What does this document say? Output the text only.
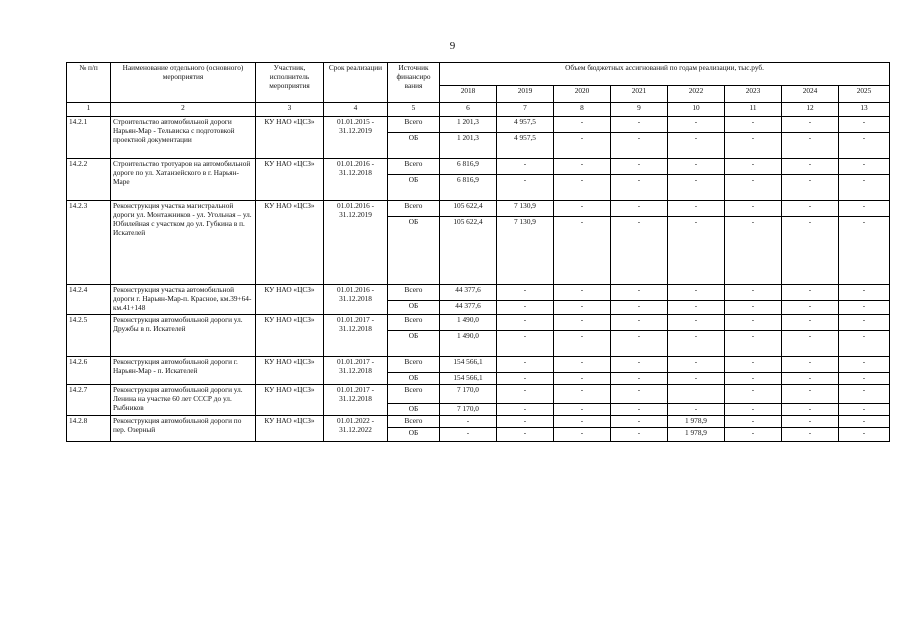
9
№ п/п	Наименование отдельного (основного) мероприятия	Участник, исполнитель мероприятия	Срок реализации	Источник финансиро вания	Объем бюджетных ассигнований по годам реализации, тыс.руб.							
					2018	2019	2020	2021	2022	2023	2024	2025
1	2	3	4	5	6	7	8	9	10	11	12	13
14.2.1	Строительство автомобильной дороги Нарьян-Мар - Тельвиска с подготовкой проектной документации	КУ НАО «ЦСЗ»	01.01.2015 - 31.12.2019	Всего	1 201,3	4 957,5	-	-	-	-	-	-
				ОБ	1 201,3	4 957,5	-	-	-	-	-	-
14.2.2	Строительство тротуаров на автомобильной дороге по ул. Хатанзейского в г. Нарьян-Маре	КУ НАО «ЦСЗ»	01.01.2016 - 31.12.2018	Всего	6 816,9	-	-	-	-	-	-	-
				ОБ	6 816,9	-	-	-	-	-	-	-
14.2.3	Реконструкция участка магистральной дороги ул. Монтажников - ул. Угольная – ул. Юбилейная с участком до ул. Губкина в п. Искателей	КУ НАО «ЦСЗ»	01.01.2016 - 31.12.2019	Всего	105 622,4	7 130,9	-	-	-	-	-	-
				ОБ	105 622,4	7 130,9	-	-	-	-	-	-
14.2.4	Реконструкция участка автомобильной дороги г. Нарьян-Мар-п. Красное, км.39+64-км.41+148	КУ НАО «ЦСЗ»	01.01.2016 - 31.12.2018	Всего	44 377,6	-	-	-	-	-	-	-
				ОБ	44 377,6	-	-	-	-	-	-	-
14.2.5	Реконструкция автомобильной дороги ул. Дружбы в п. Искателей	КУ НАО «ЦСЗ»	01.01.2017 - 31.12.2018	Всего	1 490,0	-	-	-	-	-	-	-
				ОБ	1 490,0	-	-	-	-	-	-	-
14.2.6	Реконструкция автомобильной дороги г. Нарьян-Мар - п. Искателей	КУ НАО «ЦСЗ»	01.01.2017 - 31.12.2018	Всего	154 566,1	-	-	-	-	-	-	-
				ОБ	154 566,1	-	-	-	-	-	-	-
14.2.7	Реконструкция автомобильной дороги ул. Ленина на участке 60 лет СССР до ул. Рыбников	КУ НАО «ЦСЗ»	01.01.2017 - 31.12.2018	Всего	7 170,0	-	-	-		-	-	-
				ОБ	7 170,0	-	-	-	-	-	-	-
14.2.8	Реконструкция автомобильной дороги по пер. Озерный	КУ НАО «ЦСЗ»	01.01.2022 - 31.12.2022	Всего	-	-	-	-	1 978,9	-	-	-
				ОБ	-	-	-	-	1 978,9	-	-	-
